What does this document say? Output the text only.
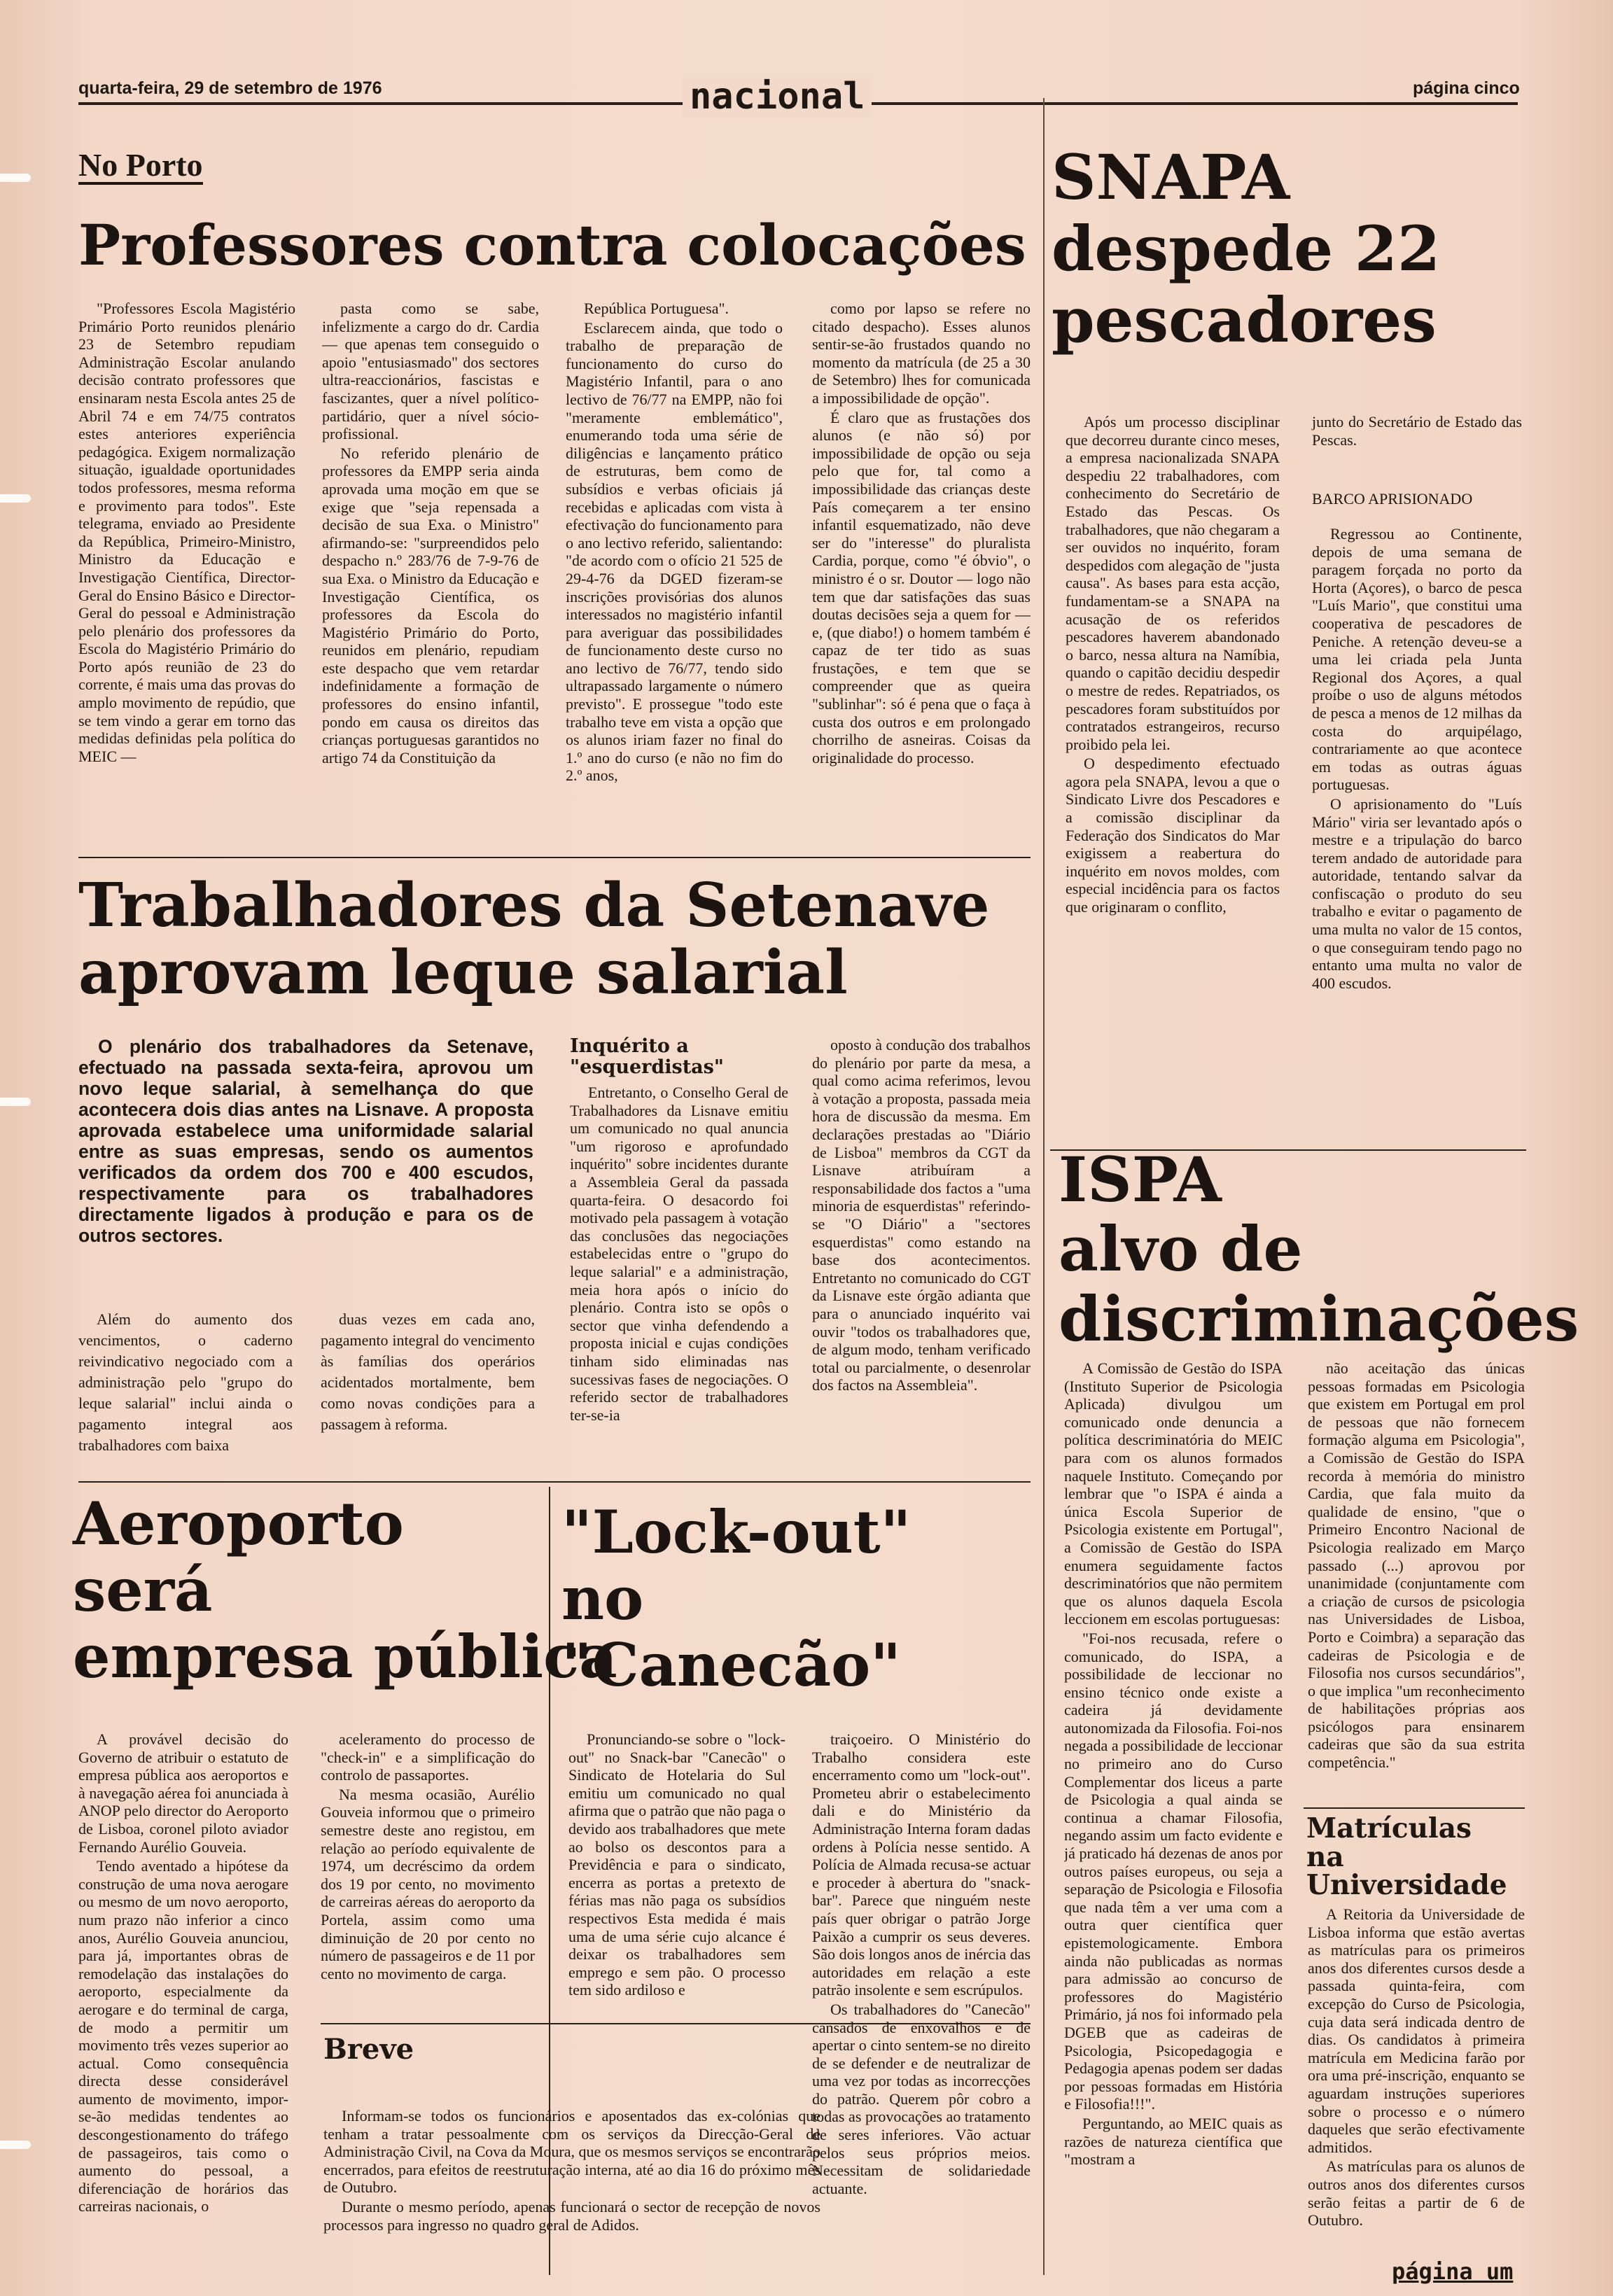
quarta-feira, 29 de setembro de 1976	nacional	página cinco
No Porto
Professores contra colocações

"Professores Escola Magistério Primário Porto reunidos plenário 23 de Setembro repudiam Administração Escolar anulando decisão contrato professores que ensinaram nesta Escola antes 25 de Abril 74 e em 74/75 contratos estes anteriores experiência pedagógica. Exigem normalização situação, igualdade oportunidades todos professores, mesma reforma e provimento para todos". Este telegrama, enviado ao Presidente da República, Primeiro-Ministro, Ministro da Educação e Investigação Científica, Director-Geral do Ensino Básico e Director-Geral do pessoal e Administração pelo plenário dos professores da Escola do Magistério Primário do Porto após reunião de 23 do corrente, é mais uma das provas do amplo movimento de repúdio, que se tem vindo a gerar em torno das medidas definidas pela política do MEIC —

pasta como se sabe, infelizmente a cargo do dr. Cardia — que apenas tem conseguido o apoio "entusiasmado" dos sectores ultra-reaccionários, fascistas e fascizantes, quer a nível político-partidário, quer a nível sócio-profissional.

No referido plenário de professores da EMPP seria ainda aprovada uma moção em que se exige que "seja repensada a decisão de sua Exa. o Ministro" afirmando-se: "surpreendidos pelo despacho n.º 283/76 de 7-9-76 de sua Exa. o Ministro da Educação e Investigação Científica, os professores da Escola do Magistério Primário do Porto, reunidos em plenário, repudiam este despacho que vem retardar indefinidamente a formação de professores do ensino infantil, pondo em causa os direitos das crianças portuguesas garantidos no artigo 74 da Constituição da

República Portuguesa".

Esclarecem ainda, que todo o trabalho de preparação de funcionamento do curso do Magistério Infantil, para o ano lectivo de 76/77 na EMPP, não foi "meramente emblemático", enumerando toda uma série de diligências e lançamento prático de estruturas, bem como de subsídios e verbas oficiais já recebidas e aplicadas com vista à efectivação do funcionamento para o ano lectivo referido, salientando: "de acordo com o ofício 21 525 de 29-4-76 da DGED fizeram-se inscrições provisórias dos alunos interessados no magistério infantil para averiguar das possibilidades de funcionamento deste curso no ano lectivo de 76/77, tendo sido ultrapassado largamente o número previsto". E prossegue "todo este trabalho teve em vista a opção que os alunos iriam fazer no final do 1.º ano do curso (e não no fim do 2.º anos,

como por lapso se refere no citado despacho). Esses alunos sentir-se-ão frustados quando no momento da matrícula (de 25 a 30 de Setembro) lhes for comunicada a impossibilidade de opção".

É claro que as frustações dos alunos (e não só) por impossibilidade de opção ou seja pelo que for, tal como a impossibilidade das crianças deste País começarem a ter ensino infantil esquematizado, não deve ser do "interesse" do pluralista Cardia, porque, como "é óbvio", o ministro é o sr. Doutor — logo não tem que dar satisfações das suas doutas decisões seja a quem for — e, (que diabo!) o homem também é capaz de ter tido as suas frustações, e tem que se compreender que as queira "sublinhar": só é pena que o faça à custa dos outros e em prolongado chorrilho de asneiras. Coisas da originalidade do processo.

Trabalhadores da Setenave
aprovam leque salarial

O plenário dos trabalhadores da Setenave, efectuado na passada sexta-feira, aprovou um novo leque salarial, à semelhança do que acontecera dois dias antes na Lisnave. A proposta aprovada estabelece uma uniformidade salarial entre as suas empresas, sendo os aumentos verificados da ordem dos 700 e 400 escudos, respectivamente para os trabalhadores directamente ligados à produção e para os de outros sectores.

Além do aumento dos vencimentos, o caderno reivindicativo negociado com a administração pelo "grupo do leque salarial" inclui ainda o pagamento integral aos trabalhadores com baixa

duas vezes em cada ano, pagamento integral do vencimento às famílias dos operários acidentados mortalmente, bem como novas condições para a passagem à reforma.

Inquérito a "esquerdistas"

Entretanto, o Conselho Geral de Trabalhadores da Lisnave emitiu um comunicado no qual anuncia "um rigoroso e aprofundado inquérito" sobre incidentes durante a Assembleia Geral da passada quarta-feira. O desacordo foi motivado pela passagem à votação das conclusões das negociações estabelecidas entre o "grupo do leque salarial" e a administração, meia hora após o início do plenário. Contra isto se opôs o sector que vinha defendendo a proposta inicial e cujas condições tinham sido eliminadas nas sucessivas fases de negociações. O referido sector de trabalhadores ter-se-ia

oposto à condução dos trabalhos do plenário por parte da mesa, a qual como acima referimos, levou à votação a proposta, passada meia hora de discussão da mesma. Em declarações prestadas ao "Diário de Lisboa" membros da CGT da Lisnave atribuíram a responsabilidade dos factos a "uma minoria de esquerdistas" referindo-se "O Diário" a "sectores esquerdistas" como estando na base dos acontecimentos. Entretanto no comunicado do CGT da Lisnave este órgão adianta que para o anunciado inquérito vai ouvir "todos os trabalhadores que, de algum modo, tenham verificado total ou parcialmente, o desenrolar dos factos na Assembleia".

Aeroporto
será
empresa pública

A provável decisão do Governo de atribuir o estatuto de empresa pública aos aeroportos e à navegação aérea foi anunciada à ANOP pelo director do Aeroporto de Lisboa, coronel piloto aviador Fernando Aurélio Gouveia.

Tendo aventado a hipótese da construção de uma nova aerogare ou mesmo de um novo aeroporto, num prazo não inferior a cinco anos, Aurélio Gouveia anunciou, para já, importantes obras de remodelação das instalações do aeroporto, especialmente da aerogare e do terminal de carga, de modo a permitir um movimento três vezes superior ao actual. Como consequência directa desse considerável aumento de movimento, impor-se-ão medidas tendentes ao descongestionamento do tráfego de passageiros, tais como o aumento do pessoal, a diferenciação de horários das carreiras nacionais, o

aceleramento do processo de "check-in" e a simplificação do controlo de passaportes.

Na mesma ocasião, Aurélio Gouveia informou que o primeiro semestre deste ano registou, em relação ao período equivalente de 1974, um decréscimo da ordem dos 19 por cento, no movimento de carreiras aéreas do aeroporto da Portela, assim como uma diminuição de 20 por cento no número de passageiros e de 11 por cento no movimento de carga.

Breve

Informam-se todos os funcionários e aposentados das ex-colónias que tenham a tratar pessoalmente com os serviços da Direcção-Geral de Administração Civil, na Cova da Moura, que os mesmos serviços se encontrarão encerrados, para efeitos de reestruturação interna, até ao dia 16 do próximo mês de Outubro.

Durante o mesmo período, apenas funcionará o sector de recepção de novos processos para ingresso no quadro geral de Adidos.

"Lock-out"
no
"Canecão"

Pronunciando-se sobre o "lock-out" no Snack-bar "Canecão" o Sindicato de Hotelaria do Sul emitiu um comunicado no qual afirma que o patrão que não paga o devido aos trabalhadores que mete ao bolso os descontos para a Previdência e para o sindicato, encerra as portas a pretexto de férias mas não paga os subsídios respectivos Esta medida é mais uma de uma série cujo alcance é deixar os trabalhadores sem emprego e sem pão. O processo tem sido ardiloso e

traiçoeiro. O Ministério do Trabalho considera este encerramento como um "lock-out". Prometeu abrir o estabelecimento dali e do Ministério da Administração Interna foram dadas ordens à Polícia nesse sentido. A Polícia de Almada recusa-se actuar e proceder à abertura do "snack-bar". Parece que ninguém neste país quer obrigar o patrão Jorge Paixão a cumprir os seus deveres. São dois longos anos de inércia das autoridades em relação a este patrão insolente e sem escrúpulos.

Os trabalhadores do "Canecão" cansados de enxovalhos e de apertar o cinto sentem-se no direito de se defender e de neutralizar de uma vez por todas as incorrecções do patrão. Querem pôr cobro a todas as provocações ao tratamento de seres inferiores. Vão actuar pelos seus próprios meios. Necessitam de solidariedade actuante.

SNAPA
despede 22
pescadores

Após um processo disciplinar que decorreu durante cinco meses, a empresa nacionalizada SNAPA despediu 22 trabalhadores, com conhecimento do Secretário de Estado das Pescas. Os trabalhadores, que não chegaram a ser ouvidos no inquérito, foram despedidos com alegação de "justa causa". As bases para esta acção, fundamentam-se a SNAPA na acusação de os referidos pescadores haverem abandonado o barco, nessa altura na Namíbia, quando o capitão decidiu despedir o mestre de redes. Repatriados, os pescadores foram substituídos por contratados estrangeiros, recurso proibido pela lei.

O despedimento efectuado agora pela SNAPA, levou a que o Sindicato Livre dos Pescadores e a comissão disciplinar da Federação dos Sindicatos do Mar exigissem a reabertura do inquérito em novos moldes, com especial incidência para os factos que originaram o conflito,

junto do Secretário de Estado das Pescas.

BARCO APRISIONADO

Regressou ao Continente, depois de uma semana de paragem forçada no porto da Horta (Açores), o barco de pesca "Luís Mario", que constitui uma cooperativa de pescadores de Peniche. A retenção deveu-se a uma lei criada pela Junta Regional dos Açores, a qual proíbe o uso de alguns métodos de pesca a menos de 12 milhas da costa do arquipélago, contrariamente ao que acontece em todas as outras águas portuguesas.

O aprisionamento do "Luís Mário" viria ser levantado após o mestre e a tripulação do barco terem andado de autoridade para autoridade, tentando salvar da confiscação o produto do seu trabalho e evitar o pagamento de uma multa no valor de 15 contos, o que conseguiram tendo pago no entanto uma multa no valor de 400 escudos.

ISPA
alvo de
discriminações

A Comissão de Gestão do ISPA (Instituto Superior de Psicologia Aplicada) divulgou um comunicado onde denuncia a política descriminatória do MEIC para com os alunos formados naquele Instituto. Começando por lembrar que "o ISPA é ainda a única Escola Superior de Psicologia existente em Portugal", a Comissão de Gestão do ISPA enumera seguidamente factos descriminatórios que não permitem que os alunos daquela Escola leccionem em escolas portuguesas:

"Foi-nos recusada, refere o comunicado, do ISPA, a possibilidade de leccionar no ensino técnico onde existe a cadeira já devidamente autonomizada da Filosofia. Foi-nos negada a possibilidade de leccionar no primeiro ano do Curso Complementar dos liceus a parte de Psicologia a qual ainda se continua a chamar Filosofia, negando assim um facto evidente e já praticado há dezenas de anos por outros países europeus, ou seja a separação de Psicologia e Filosofia que nada têm a ver uma com a outra quer científica quer epistemologicamente. Embora ainda não publicadas as normas para admissão ao concurso de professores do Magistério Primário, já nos foi informado pela DGEB que as cadeiras de Psicologia, Psicopedagogia e Pedagogia apenas podem ser dadas por pessoas formadas em História e Filosofia!!!".

Perguntando, ao MEIC quais as razões de natureza científica que "mostram a

não aceitação das únicas pessoas formadas em Psicologia que existem em Portugal em prol de pessoas que não fornecem formação alguma em Psicologia", a Comissão de Gestão do ISPA recorda à memória do ministro Cardia, que fala muito da qualidade de ensino, "que o Primeiro Encontro Nacional de Psicologia realizado em Março passado (...) aprovou por unanimidade (conjuntamente com a criação de cursos de psicologia nas Universidades de Lisboa, Porto e Coimbra) a separação das cadeiras de Psicologia e de Filosofia nos cursos secundários", o que implica "um reconhecimento de habilitações próprias aos psicólogos para ensinarem cadeiras que são da sua estrita competência."

Matrículas
na
Universidade

A Reitoria da Universidade de Lisboa informa que estão avertas as matrículas para os primeiros anos dos diferentes cursos desde a passada quinta-feira, com excepção do Curso de Psicologia, cuja data será indicada dentro de dias. Os candidatos à primeira matrícula em Medicina farão por ora uma pré-inscrição, enquanto se aguardam instruções superiores sobre o processo e o número daqueles que serão efectivamente admitidos.

As matrículas para os alunos de outros anos dos diferentes cursos serão feitas a partir de 6 de Outubro.

página um
